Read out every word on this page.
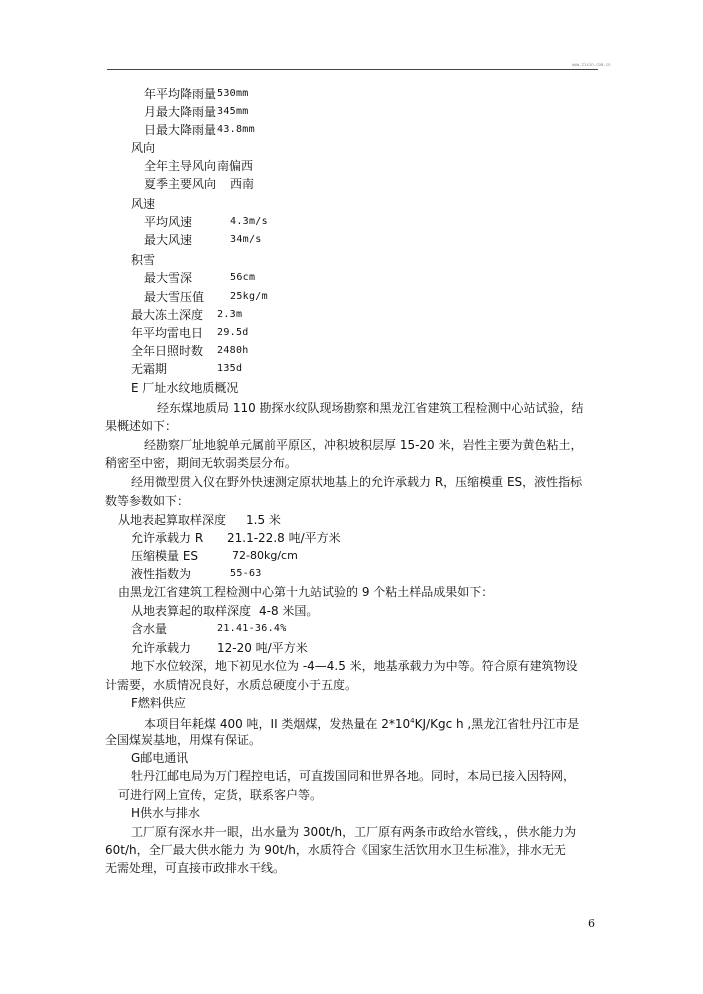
www.zixin.com.cn
年平均降雨量 530mm
月最大降雨量 345mm
日最大降雨量 43.8mm
风向
全年主导风向 南偏西
夏季主要风向 西南
风速
平均风速	4.3m/s
最大风速	34m/s
积雪
最大雪深	56cm
最大雪压值	25kg/m
最大冻土深度 2.3m
年平均雷电日 29.5d
全年日照时数 2480h
无霜期	135d
E 厂址水纹地质概况
经东煤地质局 110 勘探水纹队现场勘察和黑龙江省建筑工程检测中心站试验，结
果概述如下：
经勘察厂址地貌单元属前平原区，冲积坡积层厚 15-20 米，岩性主要为黄色粘土，
稍密至中密，期间无软弱类层分布。
经用微型贯入仪在野外快速测定原状地基上的允许承载力 R，压缩模重 ES，液性指标
数等参数如下：
从地表起算取样深度 1.5 米
允许承载力 R 21.1-22.8 吨/平方米
压缩模量 ES	72-80kg/cm
液性指数为	55-63
由黑龙江省建筑工程检测中心第十九站试验的 9 个粘土样品成果如下：
从地表算起的取样深度 4-8 米国。
含水量	21.41-36.4%
允许承载力 12-20 吨/平方米
地下水位较深，地下初见水位为 -4—4.5 米，地基承载力为中等。符合原有建筑物设
计需要，水质情况良好，水质总硬度小于五度。
F燃料供应
本项目年耗煤 400 吨，II 类烟煤，发热量在 $2*10^4KJ$/Kgc h ,黑龙江省牡丹江市是
全国煤炭基地，用煤有保证。
G邮电通讯
牡丹江邮电局为万门程控电话，可直拨国同和世界各地。同时，本局已接入因特网，
可进行网上宣传，定货，联系客户等。
H供水与排水
工厂原有深水井一眼，出水量为 300t/h，工厂原有两条市政给水管线，，供水能力为
60t/h，全厂最大供水能力 为 90t/h，水质符合《国家生活饮用水卫生标准》，排水无无
无需处理，可直接市政排水干线。
6
